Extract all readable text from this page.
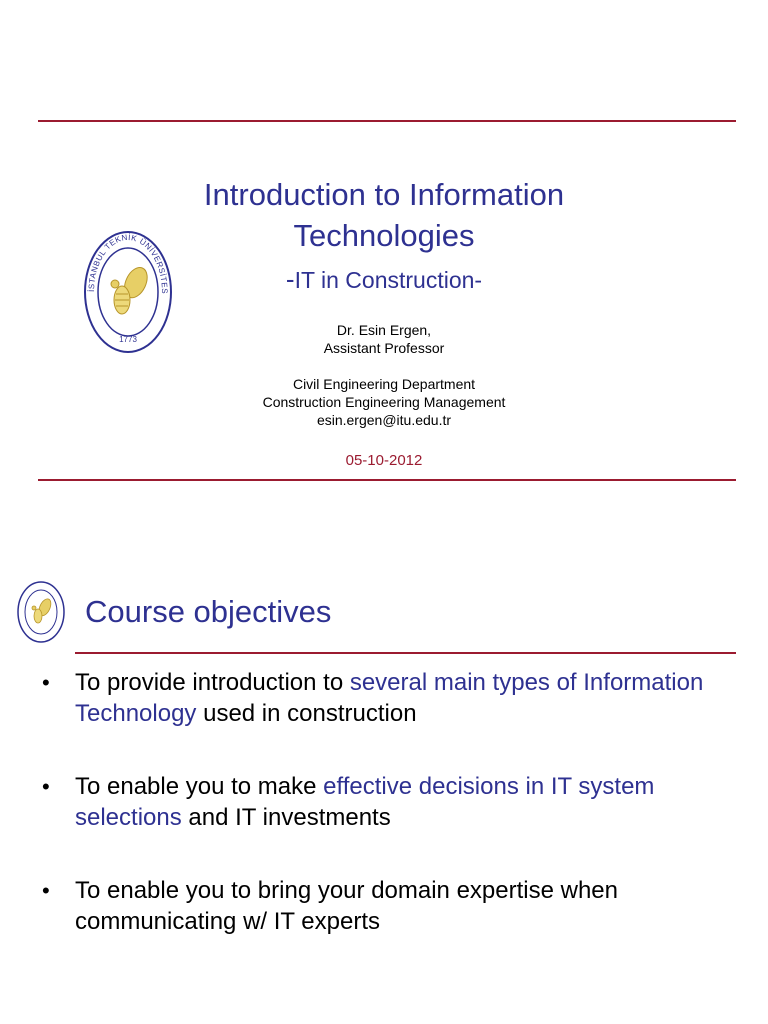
İSTANBUL TEKNİK ÜNİVERSİTES
1773
Introduction to Information
Technologies
-IT in Construction-
Dr. Esin Ergen,
Assistant Professor
Civil Engineering Department
Construction Engineering Management
esin.ergen@itu.edu.tr
05-10-2012
Course objectives
• To provide introduction to several main types of Information Technology used in construction
• To enable you to make effective decisions in IT system selections and IT investments
• To enable you to bring your domain expertise when communicating w/ IT experts
